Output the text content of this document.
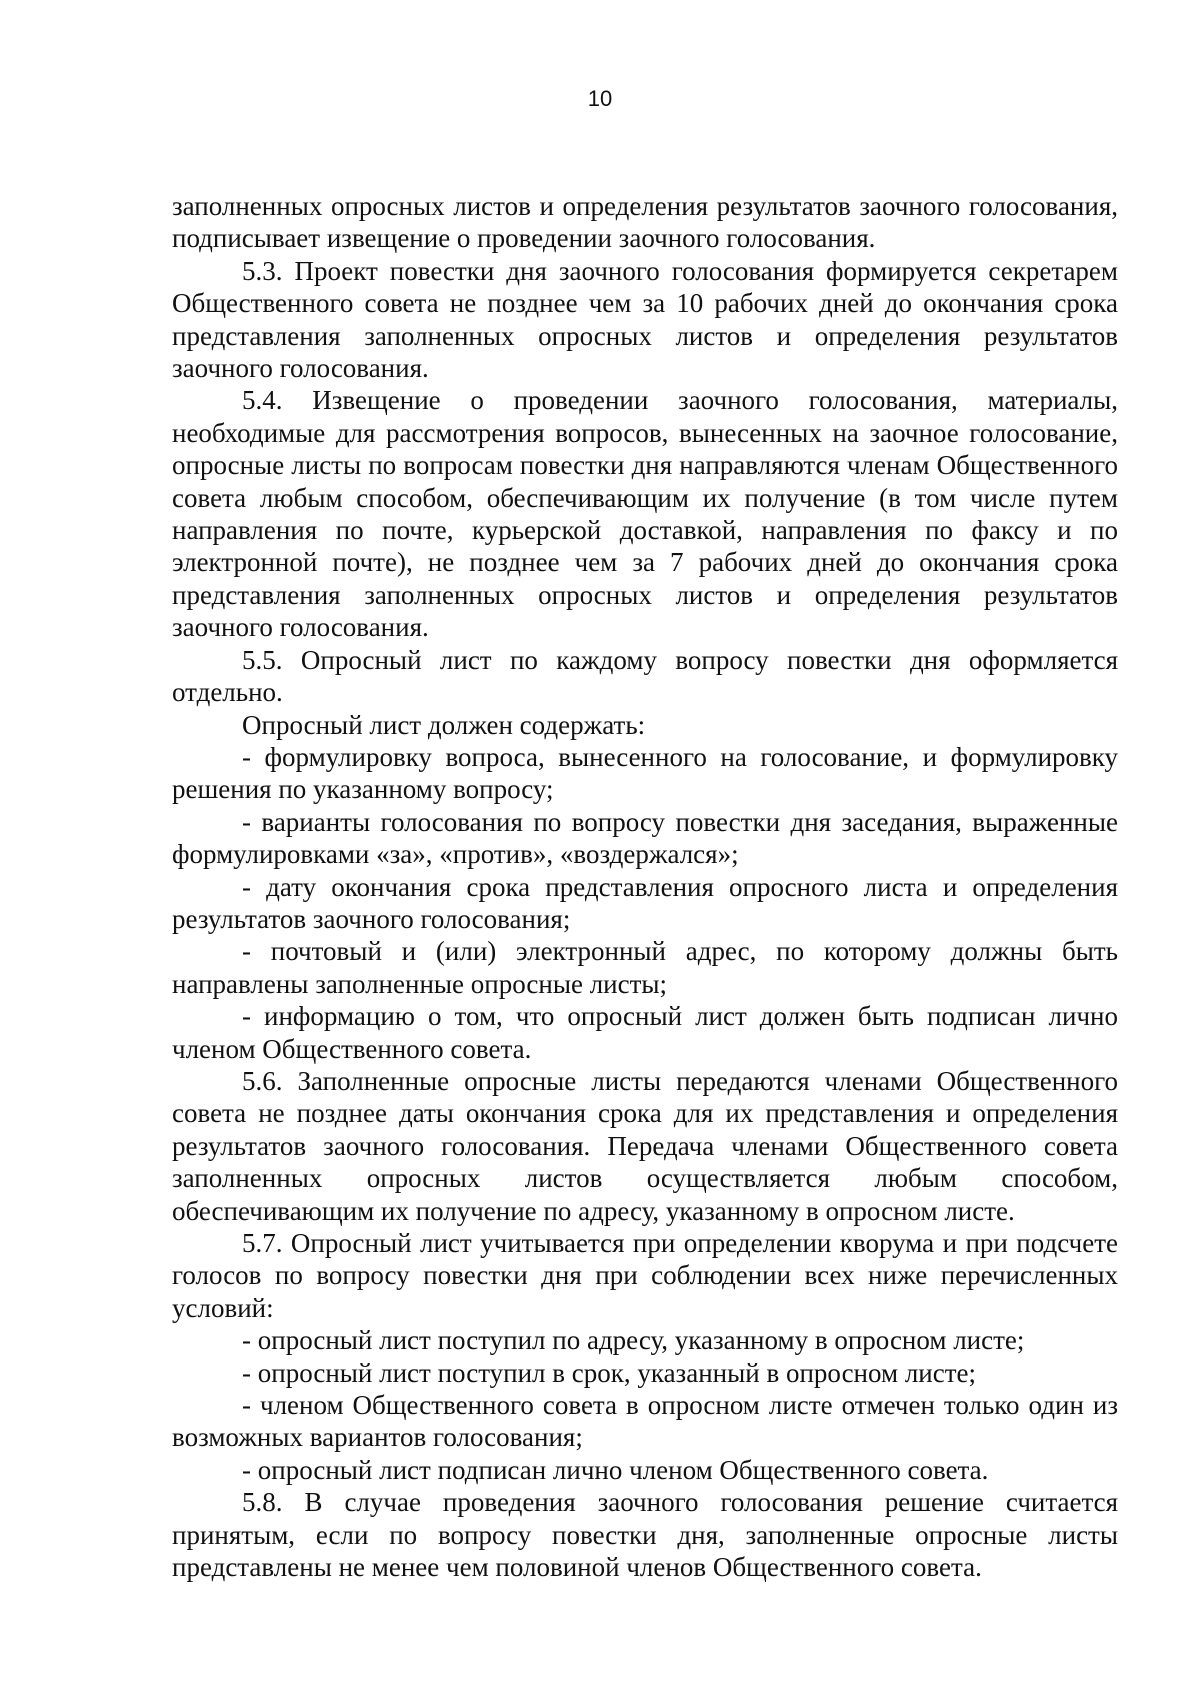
10

заполненных опросных листов и определения результатов заочного голосования, подписывает извещение о проведении заочного голосования.

5.3. Проект повестки дня заочного голосования формируется секретарем Общественного совета не позднее чем за 10 рабочих дней до окончания срока представления заполненных опросных листов и определения результатов заочного голосования.

5.4. Извещение о проведении заочного голосования, материалы, необходимые для рассмотрения вопросов, вынесенных на заочное голосование, опросные листы по вопросам повестки дня направляются членам Общественного совета любым способом, обеспечивающим их получение (в том числе путем направления по почте, курьерской доставкой, направления по факсу и по электронной почте), не позднее чем за 7 рабочих дней до окончания срока представления заполненных опросных листов и определения результатов заочного голосования.

5.5. Опросный лист по каждому вопросу повестки дня оформляется отдельно.

Опросный лист должен содержать:

- формулировку вопроса, вынесенного на голосование, и формулировку решения по указанному вопросу;

- варианты голосования по вопросу повестки дня заседания, выраженные формулировками «за», «против», «воздержался»;

- дату окончания срока представления опросного листа и определения результатов заочного голосования;

- почтовый и (или) электронный адрес, по которому должны быть направлены заполненные опросные листы;

- информацию о том, что опросный лист должен быть подписан лично членом Общественного совета.

5.6. Заполненные опросные листы передаются членами Общественного совета не позднее даты окончания срока для их представления и определения результатов заочного голосования. Передача членами Общественного совета заполненных опросных листов осуществляется любым способом, обеспечивающим их получение по адресу, указанному в опросном листе.

5.7. Опросный лист учитывается при определении кворума и при подсчете голосов по вопросу повестки дня при соблюдении всех ниже перечисленных условий:

- опросный лист поступил по адресу, указанному в опросном листе;

- опросный лист поступил в срок, указанный в опросном листе;

- членом Общественного совета в опросном листе отмечен только один из возможных вариантов голосования;

- опросный лист подписан лично членом Общественного совета.

5.8. В случае проведения заочного голосования решение считается принятым, если по вопросу повестки дня, заполненные опросные листы представлены не менее чем половиной членов Общественного совета.
